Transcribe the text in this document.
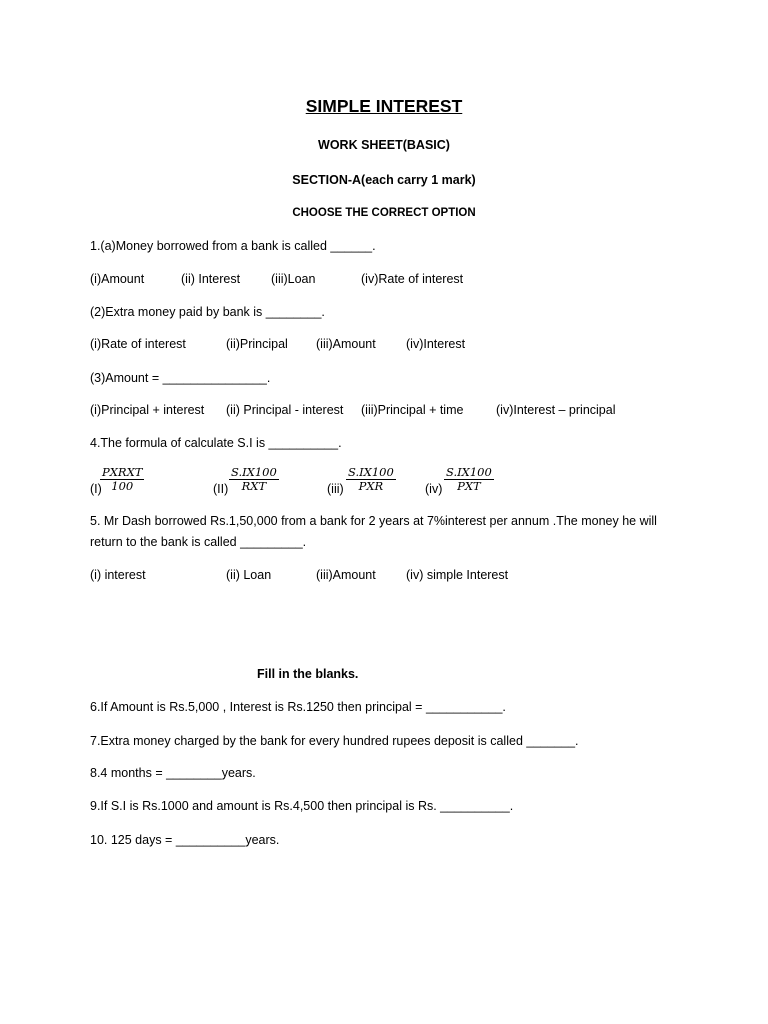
SIMPLE INTEREST
WORK SHEET(BASIC)
SECTION-A(each carry 1 mark)
CHOOSE THE CORRECT OPTION
1.(a)Money borrowed from a bank is called ______.
(i)Amount	(ii) Interest (iii)Loan	(iv)Rate of interest
(2)Extra money paid by bank is ________.
(i)Rate of interest	(ii)Principal (iii)Amount (iv)Interest
(3)Amount = _______________.
(i)Principal + interest (ii) Principal - interest (iii)Principal + time	(iv)Interest – principal
4.The formula of calculate S.I is __________.
(I)
PXRXT
100	(II)
S.IX100
RXT	(iii)
S.IX100
PXR	(iv)
S.IX100
PXT
5. Mr Dash borrowed Rs.1,50,000 from a bank for 2 years at 7%interest per annum .The money he will
return to the bank is called _________.
(i) interest	(ii) Loan	(iii)Amount (iv) simple Interest
Fill in the blanks.
6.If Amount is Rs.5,000 , Interest is Rs.1250 then principal = ___________.
7.Extra money charged by the bank for every hundred rupees deposit is called _______.
8.4 months = ________years.
9.If S.I is Rs.1000 and amount is Rs.4,500 then principal is Rs. __________.
10. 125 days = __________years.
